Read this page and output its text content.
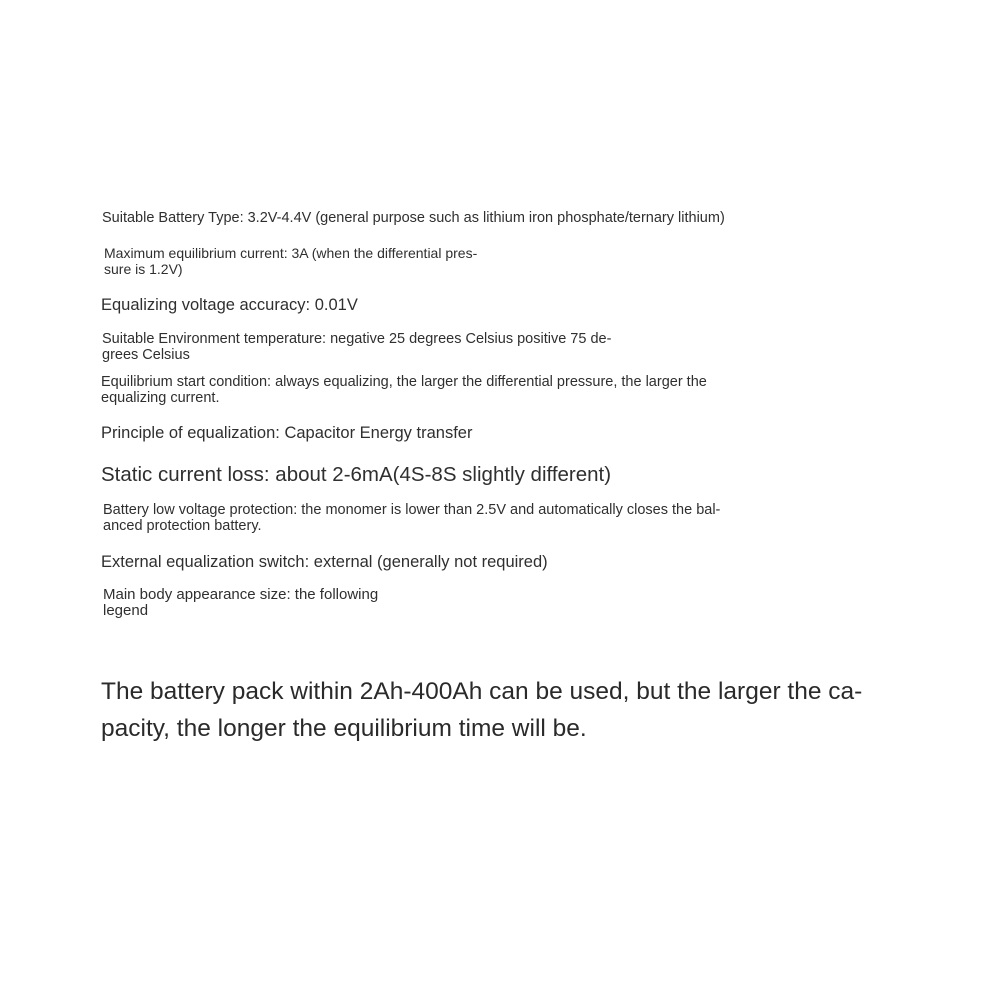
Suitable Battery Type: 3.2V-4.4V (general purpose such as lithium iron phosphate/ternary lithium)

Maximum equilibrium current: 3A (when the differential pres-
sure is 1.2V)

Equalizing voltage accuracy: 0.01V

Suitable Environment temperature: negative 25 degrees Celsius positive 75 de-
grees Celsius

Equilibrium start condition: always equalizing, the larger the differential pressure, the larger the
equalizing current.

Principle of equalization: Capacitor Energy transfer

Static current loss: about 2-6mA(4S-8S slightly different)

Battery low voltage protection: the monomer is lower than 2.5V and automatically closes the bal-
anced protection battery.

External equalization switch: external (generally not required)

Main body appearance size: the following
legend

The battery pack within 2Ah-400Ah can be used, but the larger the ca-
pacity, the longer the equilibrium time will be.
